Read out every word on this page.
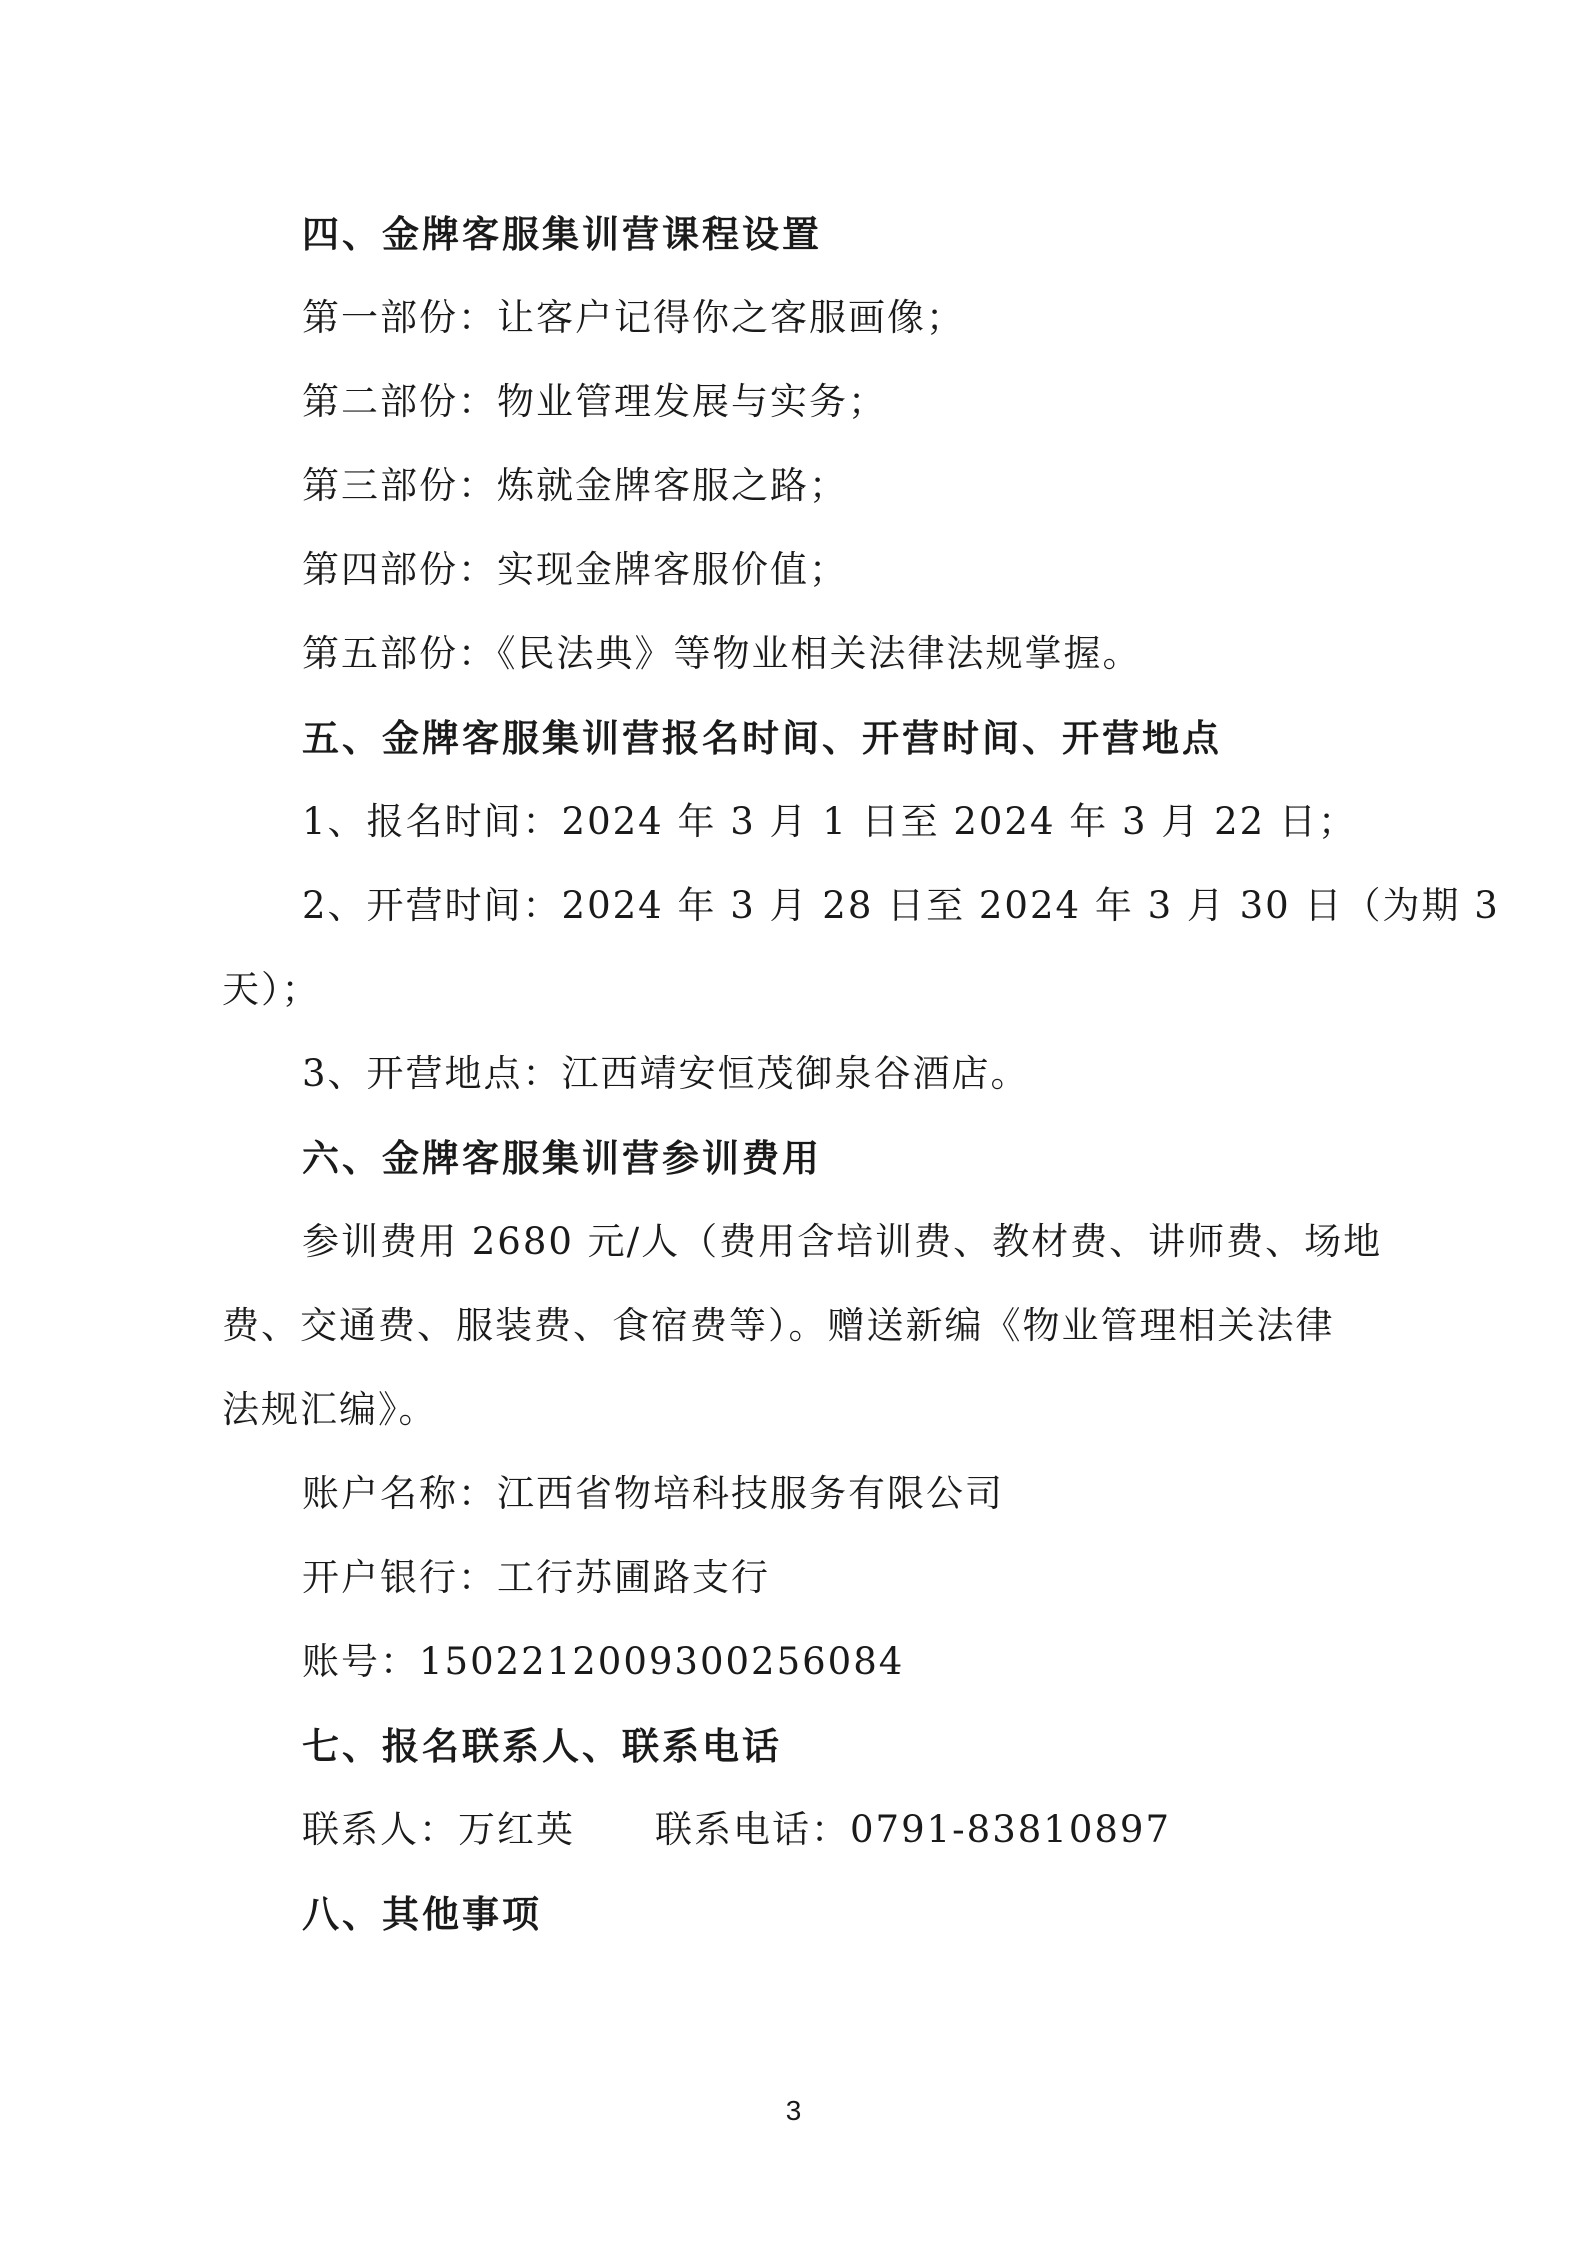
四、金牌客服集训营课程设置
第一部份：让客户记得你之客服画像；
第二部份：物业管理发展与实务；
第三部份：炼就金牌客服之路；
第四部份：实现金牌客服价值；
第五部份：《民法典》等物业相关法律法规掌握。
五、金牌客服集训营报名时间、开营时间、开营地点
1、报名时间：2024 年 3 月 1 日至 2024 年 3 月 22 日；
2、开营时间：2024 年 3 月 28 日至 2024 年 3 月 30 日（为期 3
天）；
3、开营地点：江西靖安恒茂御泉谷酒店。
六、金牌客服集训营参训费用
参训费用 2680 元/人（费用含培训费、教材费、讲师费、场地
费、交通费、服装费、食宿费等）。赠送新编《物业管理相关法律
法规汇编》。
账户名称：江西省物培科技服务有限公司
开户银行：工行苏圃路支行
账号：1502212009300256084
七、报名联系人、联系电话
联系人：万红英 联系电话：0791-83810897
八、其他事项
3
